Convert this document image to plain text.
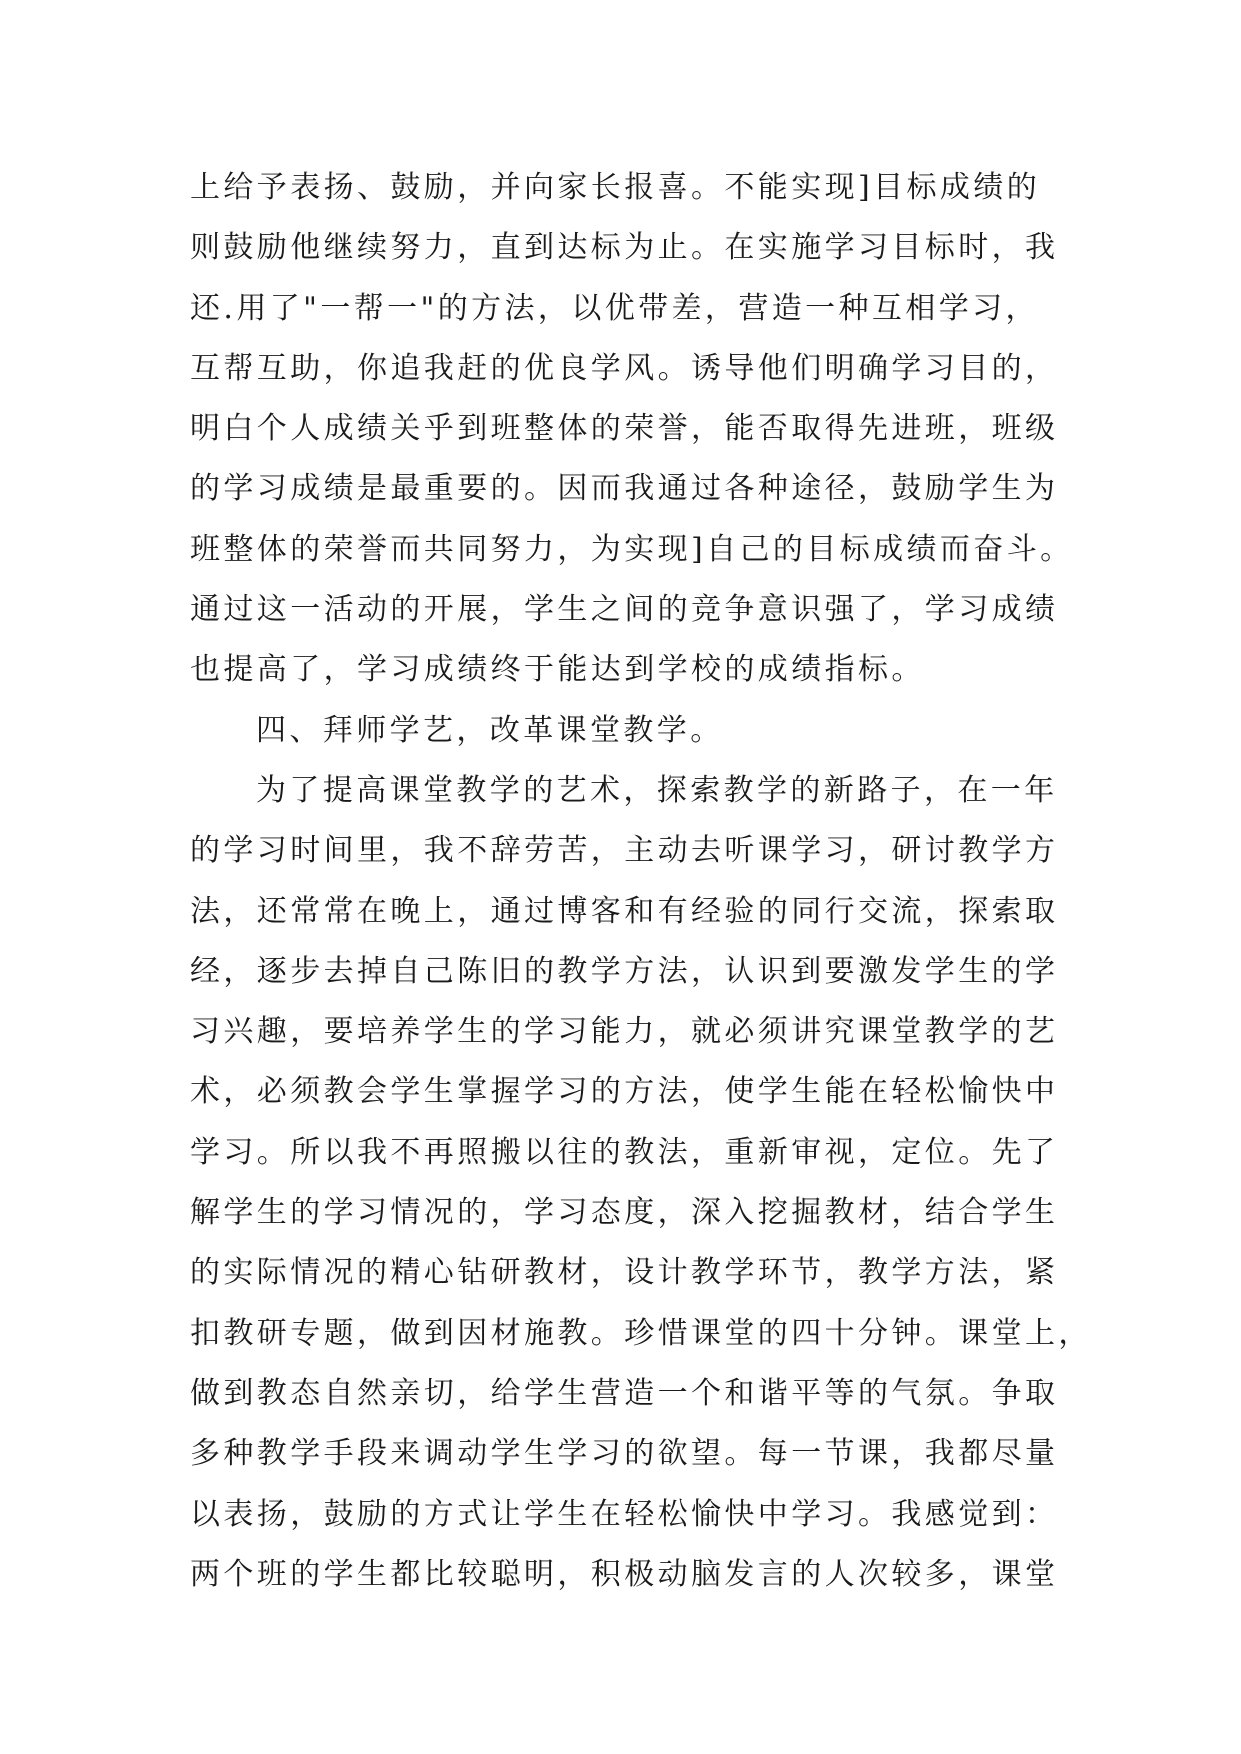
上给予表扬、鼓励，并向家长报喜。不能实现]目标成绩的
则鼓励他继续努力，直到达标为止。在实施学习目标时，我
还.用了"一帮一"的方法，以优带差，营造一种互相学习，
互帮互助，你追我赶的优良学风。诱导他们明确学习目的，
明白个人成绩关乎到班整体的荣誉，能否取得先进班，班级
的学习成绩是最重要的。因而我通过各种途径，鼓励学生为
班整体的荣誉而共同努力，为实现]自己的目标成绩而奋斗。
通过这一活动的开展，学生之间的竞争意识强了，学习成绩
也提高了，学习成绩终于能达到学校的成绩指标。
四、拜师学艺，改革课堂教学。
为了提高课堂教学的艺术，探索教学的新路子，在一年
的学习时间里，我不辞劳苦，主动去听课学习，研讨教学方
法，还常常在晚上，通过博客和有经验的同行交流，探索取
经，逐步去掉自己陈旧的教学方法，认识到要激发学生的学
习兴趣，要培养学生的学习能力，就必须讲究课堂教学的艺
术，必须教会学生掌握学习的方法，使学生能在轻松愉快中
学习。所以我不再照搬以往的教法，重新审视，定位。先了
解学生的学习情况的，学习态度，深入挖掘教材，结合学生
的实际情况的精心钻研教材，设计教学环节，教学方法，紧
扣教研专题，做到因材施教。珍惜课堂的四十分钟。课堂上，
做到教态自然亲切，给学生营造一个和谐平等的气氛。争取
多种教学手段来调动学生学习的欲望。每一节课，我都尽量
以表扬，鼓励的方式让学生在轻松愉快中学习。我感觉到：
两个班的学生都比较聪明，积极动脑发言的人次较多，课堂
